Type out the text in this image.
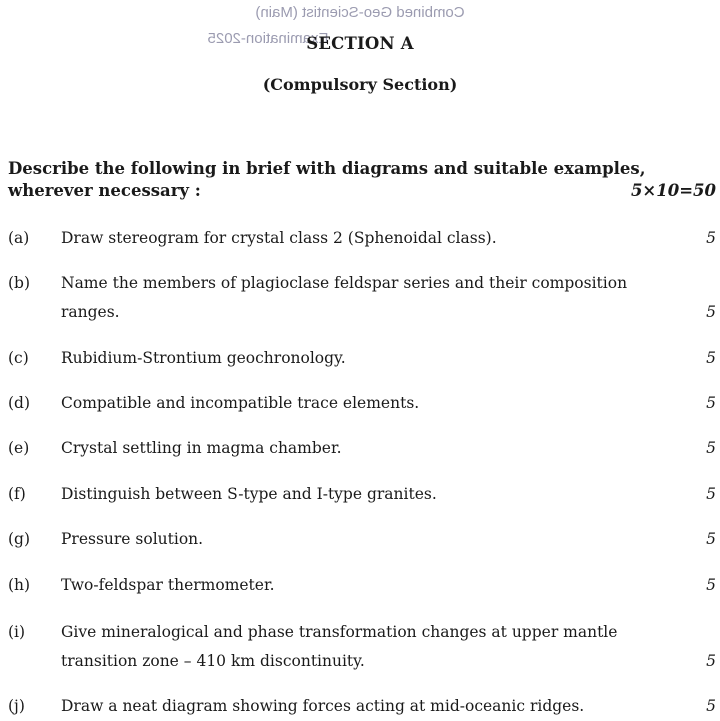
Combined Geo-Scientist (Main)
Examination-2025
SECTION A
(Compulsory Section)
Describe the following in brief with diagrams and suitable examples, wherever necessary :	5×10=50
(a) Draw stereogram for crystal class 2 (Sphenoidal class).	5
(b) Name the members of plagioclase feldspar series and their composition ranges.	5
(c) Rubidium-Strontium geochronology.	5
(d) Compatible and incompatible trace elements.	5
(e) Crystal settling in magma chamber.	5
(f) Distinguish between S-type and I-type granites.	5
(g) Pressure solution.	5
(h) Two-feldspar thermometer.	5
(i) Give mineralogical and phase transformation changes at upper mantle transition zone – 410 km discontinuity.	5
(j) Draw a neat diagram showing forces acting at mid-oceanic ridges.	5
